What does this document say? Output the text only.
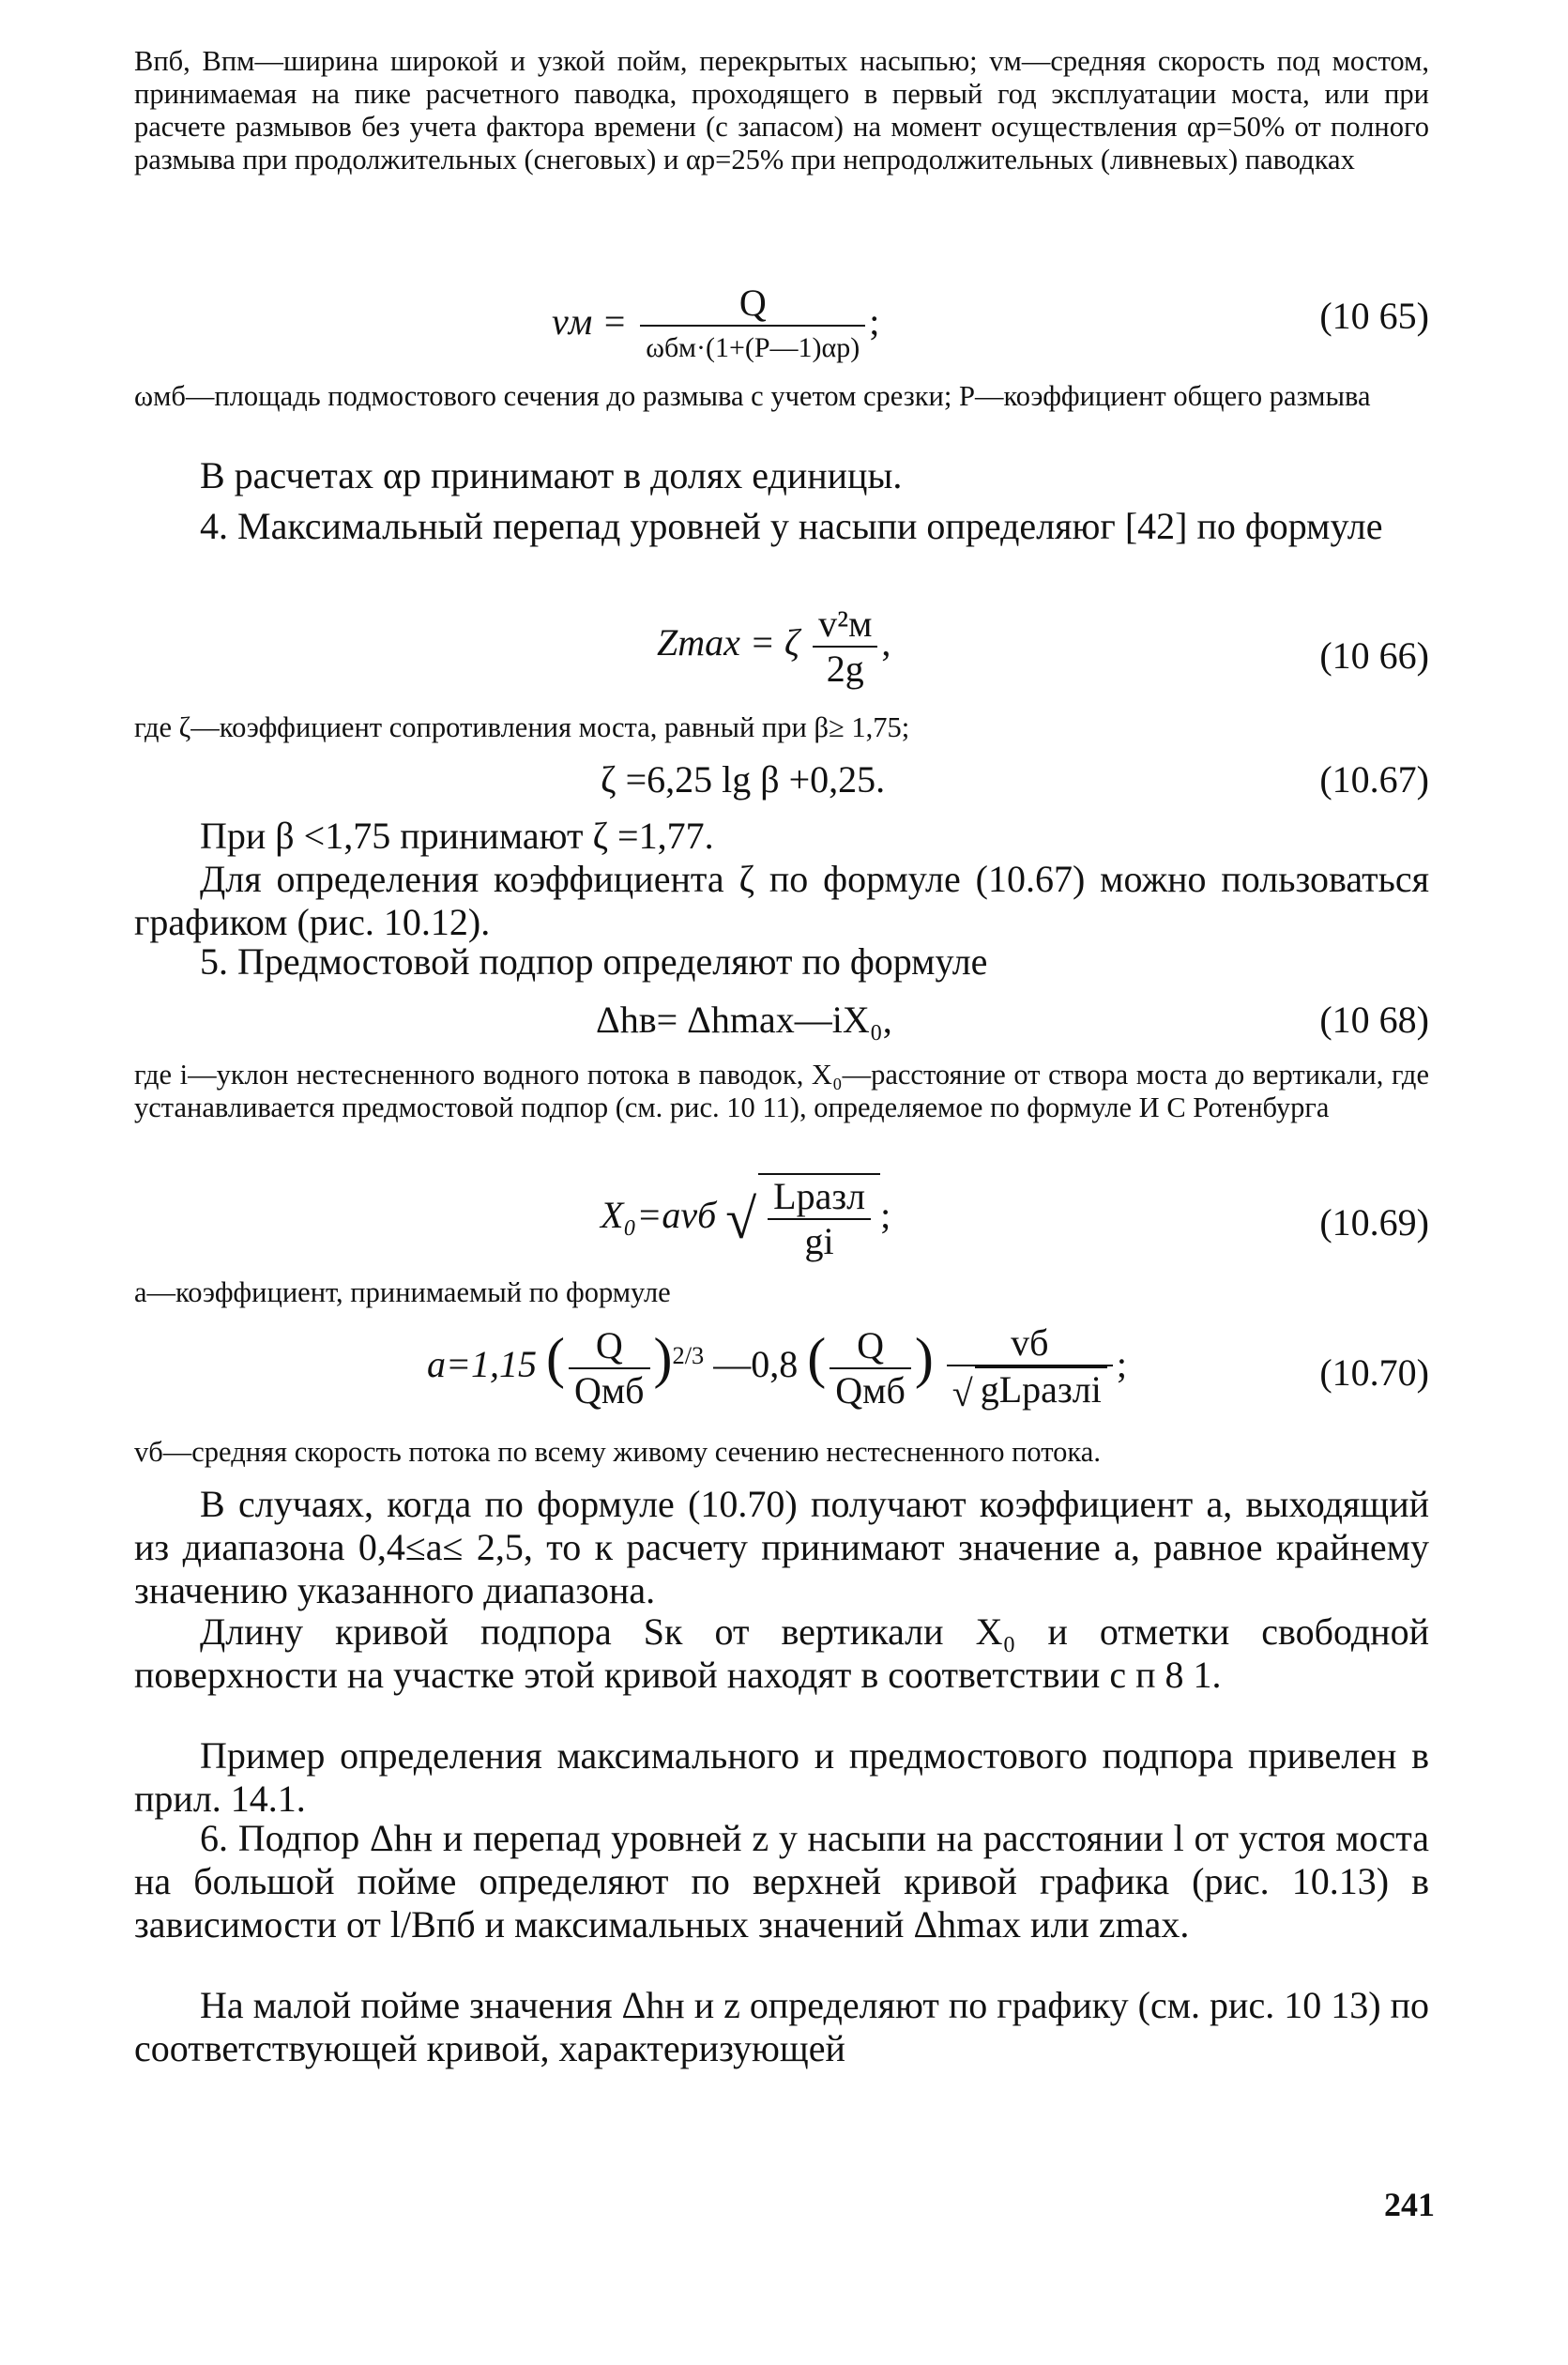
Bпб, Bпм—ширина широкой и узкой пойм, перекрытых насыпью; vм—средняя скорость под мостом, принимаемая на пике расчетного паводка, проходящего в первый год эксплуатации моста, или при расчете размывов без учета фактора времени (с запасом) на момент осуществления αр=50% от полного размыва при продолжительных (снеговых) и αр=25% при непродолжительных (ливневых) паводках
vм = $\frac{Q}{\text{ωбм·(1+(P—1)αр)}}$ ;	(10 65)
ωмб—площадь подмостового сечения до размыва с учетом срезки; P—коэффициент общего размыва
В расчетах αр принимают в долях единицы.
4. Максимальный перепад уровней у насыпи определяюг [42] по формуле
Zmax = ζ $\frac{\text{v²м}}{2g}$ ,	(10 66)
где ζ—коэффициент сопротивления моста, равный при β≥ 1,75;
ζ =6,25 lg β +0,25.	(10.67)
При β <1,75 принимают ζ =1,77.
Для определения коэффициента ζ по формуле (10.67) можно пользоваться графиком (рис. 10.12).
5. Предмостовой подпор определяют по формуле
Δhв= Δhmax—iX₀,	(10 68)
где i—уклон нестесненного водного потока в паводок, X₀—расстояние от створа моста до вертикали, где устанавливается предмостовой подпор (см. рис. 10 11), определяемое по формуле И С Ротенбурга
X₀=avб √ $\frac{\text{Lразл}}{gi}$ ;	(10.69)
a—коэффициент, принимаемый по формуле
a=1,15 ( $\frac{Q}{\text{Qмб}} )^{2/3}$ —0,8 ( $\frac{Q}{\text{Qмб}}$ ) $\frac{vб}{\text{√ gLразлi}}$ ;	(10.70)
vб—средняя скорость потока по всему живому сечению нестесненного потока.
В случаях, когда по формуле (10.70) получают коэффициент a, выходящий из диапазона 0,4≤a≤ 2,5, то к расчету принимают значение a, равное крайнему значению указанного диапазона.
Длину кривой подпора Sк от вертикали X₀ и отметки свободной поверхности на участке этой кривой находят в соответствии с п 8 1.
Пример определения максимального и предмостового подпора привелен в прил. 14.1.
6. Подпор Δhн и перепад уровней z у насыпи на расстоянии l от устоя моста на большой пойме определяют по верхней кривой графика (рис. 10.13) в зависимости от l/Bпб и максимальных значений Δhmax или zmax.
На малой пойме значения Δhн и z определяют по графику (см. рис. 10 13) по соответствующей кривой, характеризующей
241
